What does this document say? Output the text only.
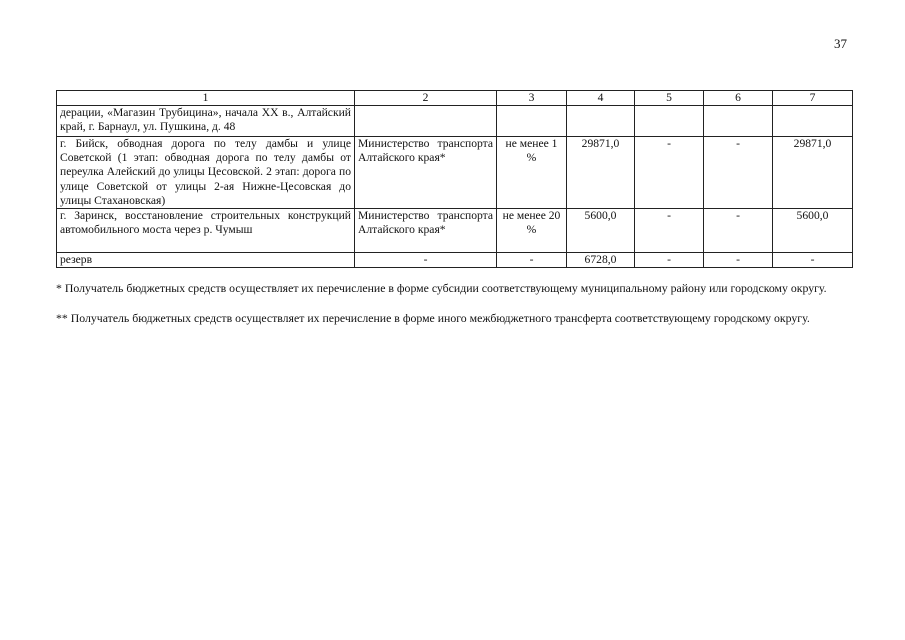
37
1	2	3	4	5	6	7
дерации, «Магазин Трубицина», начала XX в., Алтайский край, г. Барнаул, ул. Пушкина, д. 48						
г. Бийск, обводная дорога по телу дамбы и улице Советской (1 этап: обводная дорога по телу дамбы от переулка Алейский до улицы Цесовской. 2 этап: дорога по улице Советской от улицы 2-ая Нижне-Цесовская до улицы Стахановская)	Министерство транспорта Алтайского края*	не менее 1 %	29871,0	-	-	29871,0
г. Заринск, восстановление строительных конструкций автомобильного моста через р. Чумыш	Министерство транспорта Алтайского края*	не менее 20 %	5600,0	-	-	5600,0
резерв	-	-	6728,0	-	-	-

* Получатель бюджетных средств осуществляет их перечисление в форме субсидии соответствующему муниципальному району или городскому округу.

** Получатель бюджетных средств осуществляет их перечисление в форме иного межбюджетного трансферта соответствующему городскому округу.
